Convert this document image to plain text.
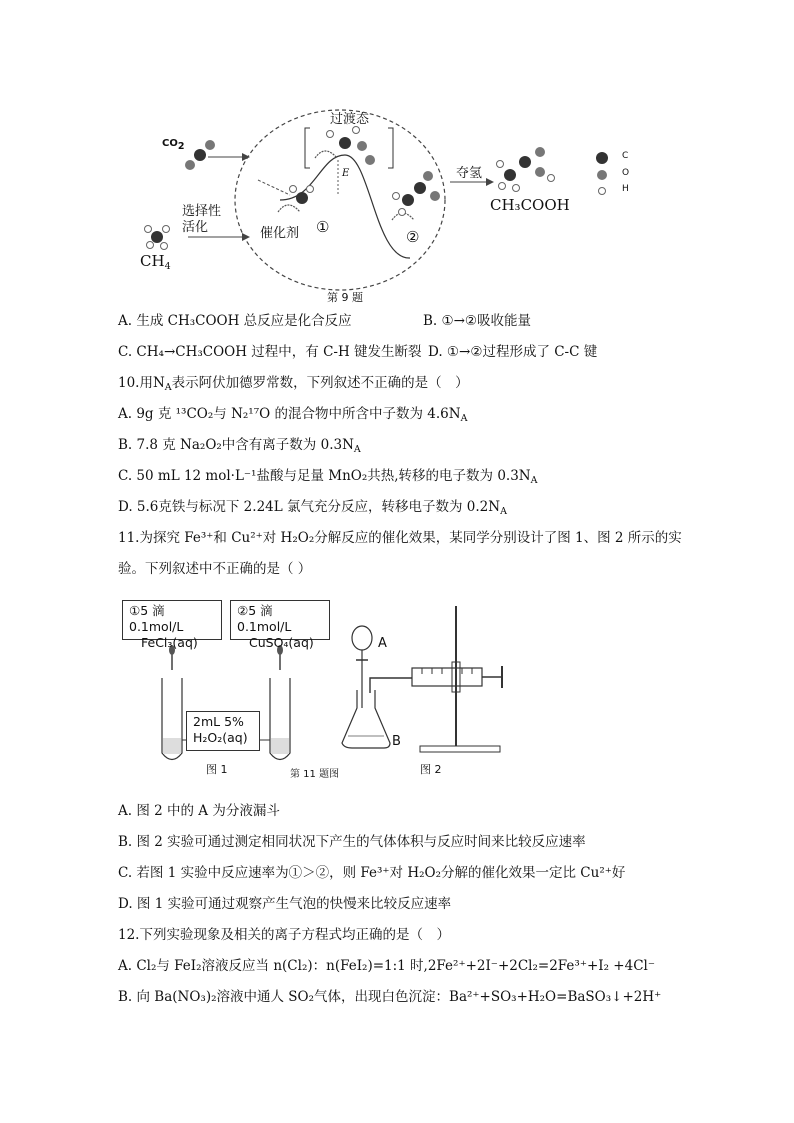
CO2
过渡态
选择性
活化	催化剂 ①
②
E	夺氢
CH₃COOH
$CH_4$
C
O
H
第 9 题
A. 生成 CH₃COOH 总反应是化合反应	B. ①→②吸收能量
C. CH₄→CH₃COOH 过程中，有 C-H 键发生断裂 D. ①→②过程形成了 C-C 键
10.用$N_A$表示阿伏加德罗常数，下列叙述不正确的是（　）
A. 9g 克 ¹³CO₂与 N₂¹⁷O 的混合物中所含中子数为 $4.6N_A$
B. 7.8 克 Na₂O₂中含有离子数为 $0.3N_A$
C. 50 mL 12 mol·L⁻¹盐酸与足量 MnO₂共热,转移的电子数为 $0.3N_A$
D. 5.6克铁与标况下 2.24L 氯气充分反应，转移电子数为 $0.2N_A$
11.为探究 Fe³⁺和 Cu²⁺对 H₂O₂分解反应的催化效果，某同学分别设计了图 1、图 2 所示的实
验。下列叙述中不正确的是（ ）
①5 滴 0.1mol/L
FeCl₃(aq)
②5 滴 0.1mol/L
CuSO₄(aq)
2mL 5%
H₂O₂(aq)
A
B
图 1	第 11 题图	图 2
A. 图 2 中的 A 为分液漏斗
B. 图 2 实验可通过测定相同状况下产生的气体体积与反应时间来比较反应速率
C. 若图 1 实验中反应速率为①＞②，则 Fe³⁺对 H₂O₂分解的催化效果一定比 Cu²⁺好
D. 图 1 实验可通过观察产生气泡的快慢来比较反应速率
12.下列实验现象及相关的离子方程式均正确的是（　）
A. Cl₂与 FeI₂溶液反应当 n(Cl₂)：n(FeI₂)=1:1 时,2Fe²⁺+2I⁻+2Cl₂=2Fe³⁺+I₂ +4Cl⁻
B. 向 Ba(NO₃)₂溶液中通人 SO₂气体，出现白色沉淀：Ba²⁺+SO₃+H₂O=BaSO₃↓+2H⁺
